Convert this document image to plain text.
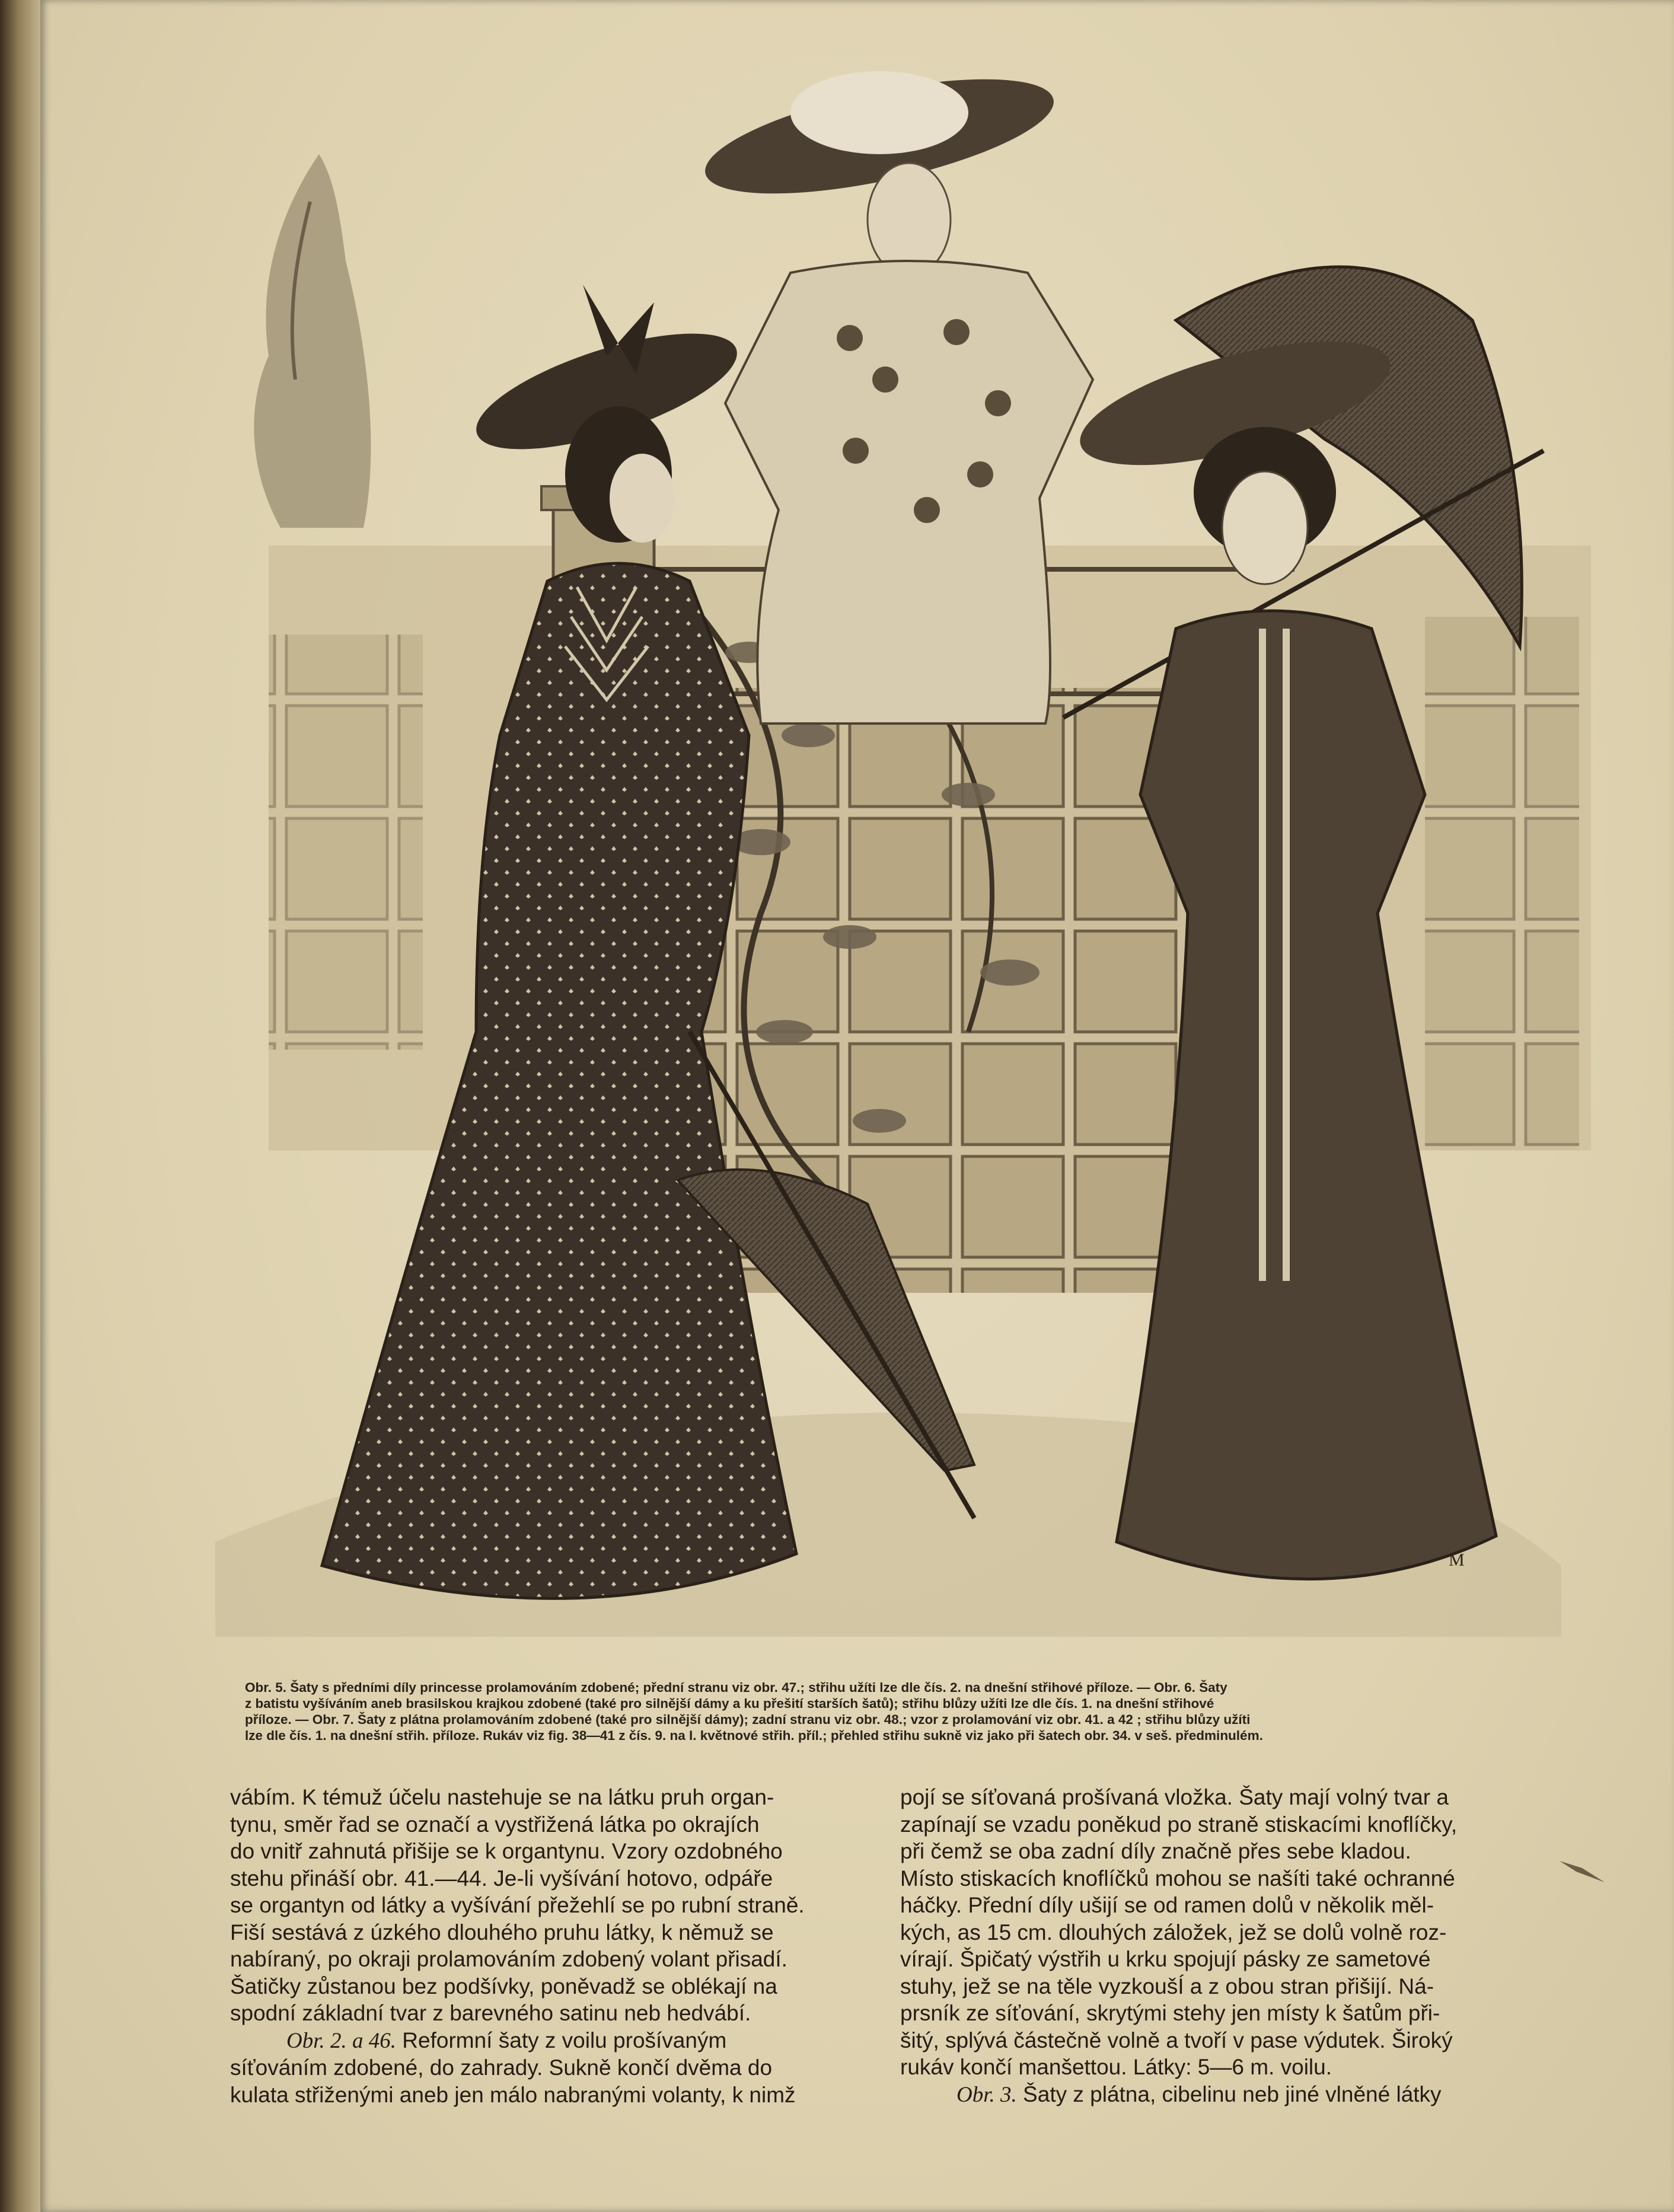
M
Obr. 5. Šaty s předními díly princesse prolamováním zdobené; přední stranu viz obr. 47.; střihu užíti lze dle čís. 2. na dnešní střihové příloze. — Obr. 6. Šaty
z batistu vyšíváním aneb brasilskou krajkou zdobené (také pro silnější dámy a ku přešití starších šatů); střihu blůzy užíti lze dle čís. 1. na dnešní střihové
příloze. — Obr. 7. Šaty z plátna prolamováním zdobené (také pro silnější dámy); zadní stranu viz obr. 48.; vzor z prolamování viz obr. 41. a 42 ; střihu blůzy užíti
lze dle čís. 1. na dnešní střih. příloze. Rukáv viz fig. 38—41 z čís. 9. na I. květnové střih. příl.; přehled střihu sukně viz jako při šatech obr. 34. v seš. předminulém.
vábím. K témuž účelu nastehuje se na látku pruh organ-
tynu, směr řad se označí a vystřižená látka po okrajích
do vnitř zahnutá přišije se k organtynu. Vzory ozdobného
stehu přináší obr. 41.—44. Je-li vyšívání hotovo, odpáře
se organtyn od látky a vyšívání přežehlí se po rubní straně.
Fiší sestává z úzkého dlouhého pruhu látky, k němuž se
nabíraný, po okraji prolamováním zdobený volant přisadí.
Šatičky zůstanou bez podšívky, poněvadž se oblékají na
spodní základní tvar z barevného satinu neb hedvábí.
Obr. 2. a 46. Reformní šaty z voilu prošívaným
síťováním zdobené, do zahrady. Sukně končí dvěma do
kulata střiženými aneb jen málo nabranými volanty, k nimž
pojí se síťovaná prošívaná vložka. Šaty mají volný tvar a
zapínají se vzadu poněkud po straně stiskacími knoflíčky,
při čemž se oba zadní díly značně přes sebe kladou.
Místo stiskacích knoflíčků mohou se našíti také ochranné
háčky. Přední díly ušijí se od ramen dolů v několik měl-
kých, as 15 cm. dlouhých záložek, jež se dolů volně roz-
vírají. Špičatý výstřih u krku spojují pásky ze sametové
stuhy, jež se na těle vyzkoušÍ a z obou stran přišijí. Ná-
prsník ze síťování, skrytými stehy jen místy k šatům při-
šitý, splývá částečně volně a tvoří v pase výdutek. Široký
rukáv končí manšettou. Látky: 5—6 m. voilu.
Obr. 3. Šaty z plátna, cibelinu neb jiné vlněné látky
